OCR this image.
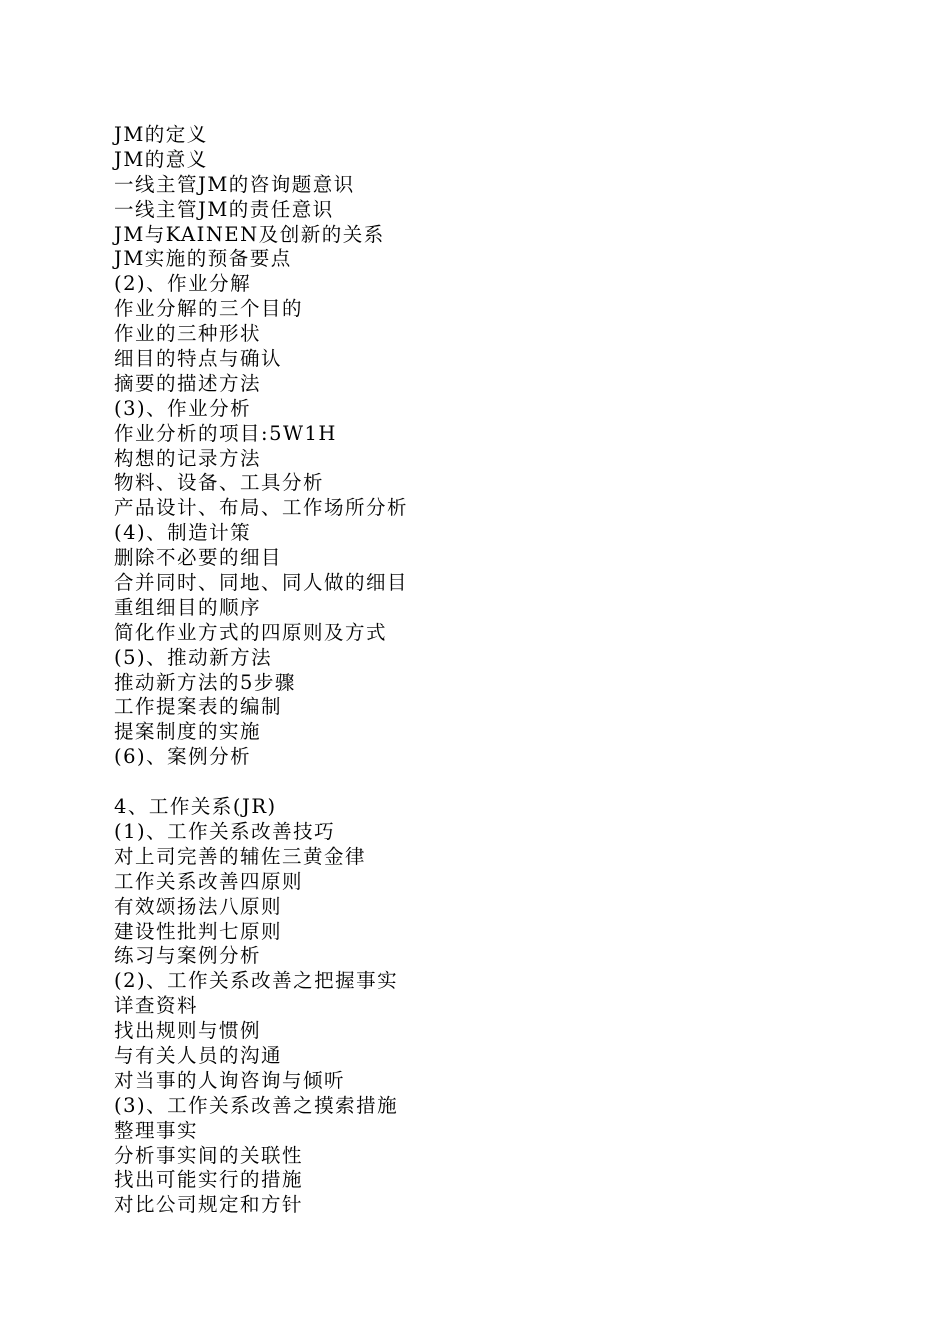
JM的定义
JM的意义
一线主管JM的咨询题意识
一线主管JM的责任意识
JM与KAINEN及创新的关系
JM实施的预备要点
(2)、作业分解
作业分解的三个目的
作业的三种形状
细目的特点与确认
摘要的描述方法
(3)、作业分析
作业分析的项目:5W1H
构想的记录方法
物料、设备、工具分析
产品设计、布局、工作场所分析
(4)、制造计策
删除不必要的细目
合并同时、同地、同人做的细目
重组细目的顺序
简化作业方式的四原则及方式
(5)、推动新方法
推动新方法的5步骤
工作提案表的编制
提案制度的实施
(6)、案例分析
4、工作关系(JR)
(1)、工作关系改善技巧
对上司完善的辅佐三黄金律
工作关系改善四原则
有效颂扬法八原则
建设性批判七原则
练习与案例分析
(2)、工作关系改善之把握事实
详查资料
找出规则与惯例
与有关人员的沟通
对当事的人询咨询与倾听
(3)、工作关系改善之摸索措施
整理事实
分析事实间的关联性
找出可能实行的措施
对比公司规定和方针
